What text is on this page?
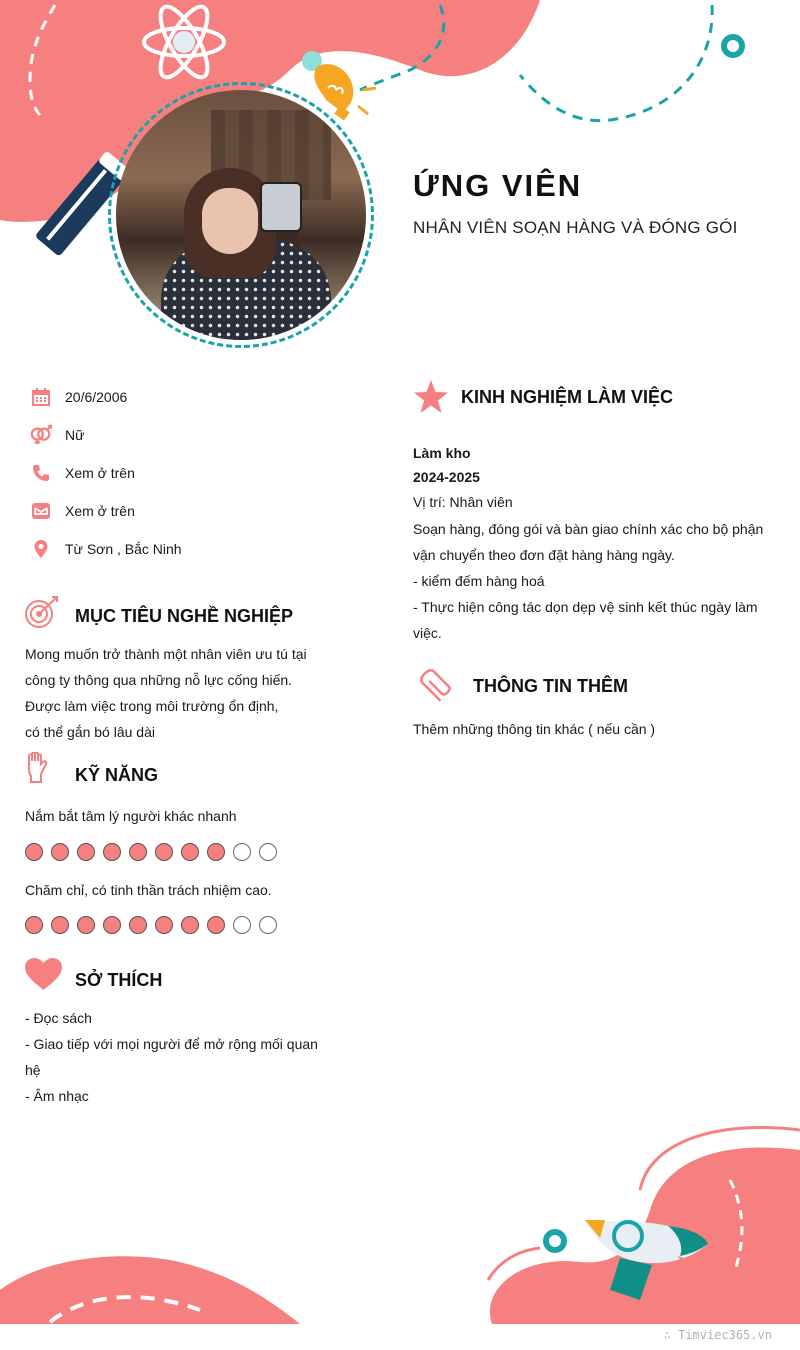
ỨNG VIÊN
NHÂN VIÊN SOẠN HÀNG VÀ ĐÓNG GÓI
20/6/2006
Nữ
Xem ở trên
Xem ở trên
Từ Sơn , Bắc Ninh
MỤC TIÊU NGHỀ NGHIỆP

Mong muốn trở thành một nhân viên ưu tú tại

công ty thông qua những nỗ lực cống hiến.

Được làm việc trong môi trường ổn định,

có thể gắn bó lâu dài

KỸ NĂNG
Nắm bắt tâm lý người khác nhanh
Chăm chỉ, có tinh thần trách nhiệm cao.
SỞ THÍCH

- Đọc sách

- Giao tiếp với mọi người để mở rộng mối quan

hệ

- Âm nhạc

KINH NGHIỆM LÀM VIỆC
Làm kho
2024-2025
Vị trí: Nhân viên

Soạn hàng, đóng gói và bàn giao chính xác cho bộ phận

vận chuyển theo đơn đặt hàng hàng ngày.

- kiểm đếm hàng hoá

- Thực hiện công tác dọn dẹp vệ sinh kết thúc ngày làm

việc.

THÔNG TIN THÊM
Thêm những thông tin khác ( nếu cần )
∴ Timviec365.vn
